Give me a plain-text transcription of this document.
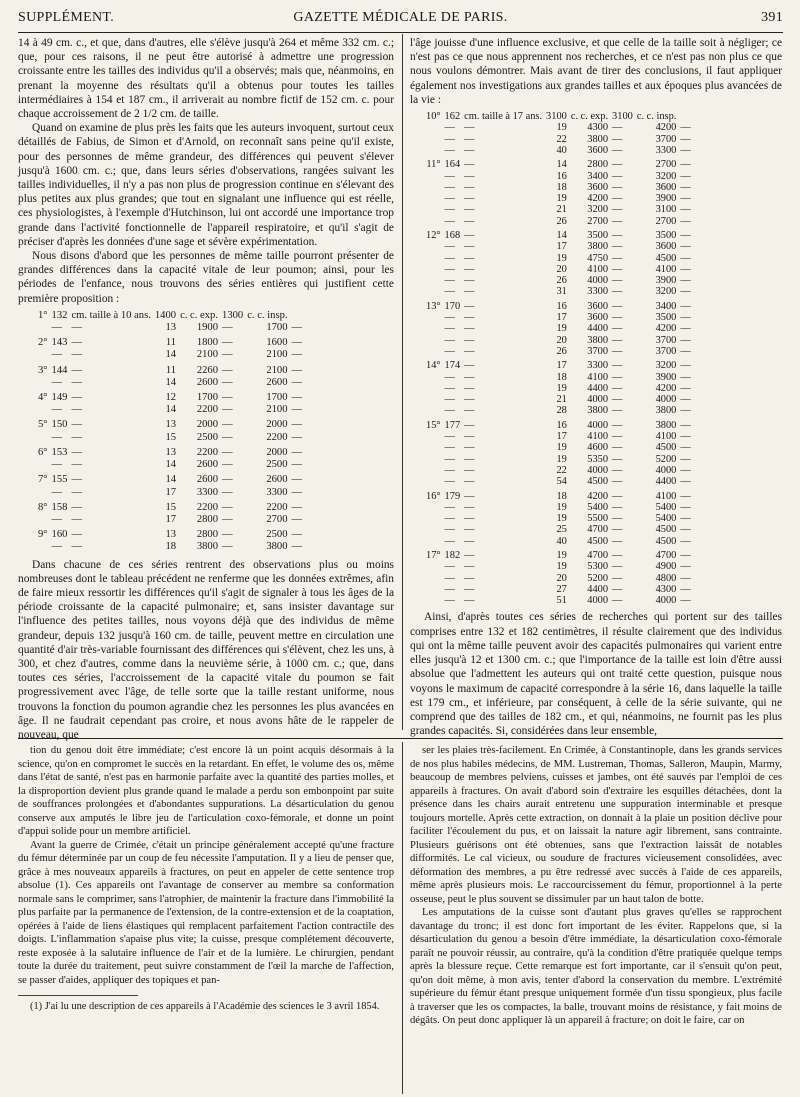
SUPPLÉMENT.	GAZETTE MÉDICALE DE PARIS.	391

14 à 49 cm. c., et que, dans d'autres, elle s'élève jusqu'à 264 et même 332 cm. c.; que, pour ces raisons, il ne peut être autorisé à admettre une progression croissante entre les tailles des individus qu'il a observés; mais que, néanmoins, en prenant la moyenne des résultats qu'il a obtenus pour toutes les tailles intermédiaires à 154 et 187 cm., il arriverait au nombre fictif de 152 cm. c. pour chaque accroissement de 2 1/2 cm. de taille.

Quand on examine de plus près les faits que les auteurs invoquent, surtout ceux détaillés de Fabius, de Simon et d'Arnold, on reconnaît sans peine qu'il existe, pour des personnes de même grandeur, des différences qui peuvent s'élever jusqu'à 1600 cm. c.; que, dans leurs séries d'observations, rangées suivant les tailles individuelles, il n'y a pas non plus de progression continue en s'élevant des plus petites aux plus grandes; que tout en signalant une influence qui est réelle, ces physiologistes, à l'exemple d'Hutchinson, lui ont accordé une importance trop grande dans l'activité fonctionnelle de l'appareil respiratoire, et qu'il s'agit de préciser d'après les données d'une sage et sévère expérimentation.

Nous disons d'abord que les personnes de même taille pourront présenter de grandes différences dans la capacité vitale de leur poumon; ainsi, pour les périodes de l'enfance, nous trouvons des séries entières qui justifient cette première proposition :

1°	132	cm. taille à 10 ans.	1400	c. c. exp.	1300	c. c. insp.	
	—	—	13	1900	—	1700	—
2°	143	—	11	1800	—	1600	—
	—	—	14	2100	—	2100	—
3°	144	—	11	2260	—	2100	—
	—	—	14	2600	—	2600	—
4°	149	—	12	1700	—	1700	—
	—	—	14	2200	—	2100	—
5°	150	—	13	2000	—	2000	—
	—	—	15	2500	—	2200	—
6°	153	—	13	2200	—	2000	—
	—	—	14	2600	—	2500	—
7°	155	—	14	2600	—	2600	—
	—	—	17	3300	—	3300	—
8°	158	—	15	2200	—	2200	—
	—	—	17	2800	—	2700	—
9°	160	—	13	2800	—	2500	—
	—	—	18	3800	—	3800	—

Dans chacune de ces séries rentrent des observations plus ou moins nombreuses dont le tableau précédent ne renferme que les données extrêmes, afin de faire mieux ressortir les différences qu'il s'agit de signaler à tous les âges de la période croissante de la capacité pulmonaire; et, sans insister davantage sur l'influence des petites tailles, nous voyons déjà que des individus de même grandeur, depuis 132 jusqu'à 160 cm. de taille, peuvent mettre en circulation une quantité d'air très-variable fournissant des différences qui s'élèvent, chez les uns, à 300, et chez d'autres, comme dans la neuvième série, à 1000 cm. c.; que, dans toutes ces séries, l'accroissement de la capacité vitale du poumon se fait progressivement avec l'âge, de telle sorte que la taille restant uniforme, nous trouvons la fonction du poumon agrandie chez les personnes les plus avancées en âge. Il ne faudrait cependant pas croire, et nous avons hâte de le rappeler de nouveau, que

l'âge jouisse d'une influence exclusive, et que celle de la taille soit à négliger; ce n'est pas ce que nous apprennent nos recherches, et ce n'est pas non plus ce que nous voulons démontrer. Mais avant de tirer des conclusions, il faut appliquer également nos investigations aux grandes tailles et aux époques plus avancées de la vie :

10°	162	cm. taille à 17 ans.	3100	c. c. exp.	3100	c. c. insp.	
	—	—	19	4300	—	4200	—
	—	—	22	3800	—	3700	—
	—	—	40	3600	—	3300	—
11°	164	—	14	2800	—	2700	—
	—	—	16	3400	—	3200	—
	—	—	18	3600	—	3600	—
	—	—	19	4200	—	3900	—
	—	—	21	3200	—	3100	—
	—	—	26	2700	—	2700	—
12°	168	—	14	3500	—	3500	—
	—	—	17	3800	—	3600	—
	—	—	19	4750	—	4500	—
	—	—	20	4100	—	4100	—
	—	—	26	4000	—	3900	—
	—	—	31	3300	—	3200	—
13°	170	—	16	3600	—	3400	—
	—	—	17	3600	—	3500	—
	—	—	19	4400	—	4200	—
	—	—	20	3800	—	3700	—
	—	—	26	3700	—	3700	—
14°	174	—	17	3300	—	3200	—
	—	—	18	4100	—	3900	—
	—	—	19	4400	—	4200	—
	—	—	21	4000	—	4000	—
	—	—	28	3800	—	3800	—
15°	177	—	16	4000	—	3800	—
	—	—	17	4100	—	4100	—
	—	—	19	4600	—	4500	—
	—	—	19	5350	—	5200	—
	—	—	22	4000	—	4000	—
	—	—	54	4500	—	4400	—
16°	179	—	18	4200	—	4100	—
	—	—	19	5400	—	5400	—
	—	—	19	5500	—	5400	—
	—	—	25	4700	—	4500	—
	—	—	40	4500	—	4500	—
17°	182	—	19	4700	—	4700	—
	—	—	19	5300	—	4900	—
	—	—	20	5200	—	4800	—
	—	—	27	4400	—	4300	—
	—	—	51	4000	—	4000	—

Ainsi, d'après toutes ces séries de recherches qui portent sur des tailles comprises entre 132 et 182 centimètres, il résulte clairement que des individus qui ont la même taille peuvent avoir des capacités pulmonaires qui varient entre elles jusqu'à 12 et 1300 cm. c.; que l'importance de la taille est loin d'être aussi absolue que l'admettent les auteurs qui ont traité cette question, puisque nous voyons le maximum de capacité correspondre à la série 16, dans laquelle la taille est 179 cm., et inférieure, par conséquent, à celle de la série suivante, qui ne comprend que des tailles de 182 cm., et qui, néanmoins, ne fournit pas les plus grandes capacités. Si, considérées dans leur ensemble,

tion du genou doit être immédiate; c'est encore là un point acquis désormais à la science, qu'on en compromet le succès en la retardant. En effet, le volume des os, même dans l'état de santé, n'est pas en harmonie parfaite avec la quantité des parties molles, et la disproportion devient plus grande quand le malade a perdu son embonpoint par suite de souffrances prolongées et d'abondantes suppurations. La désarticulation du genou conserve aux amputés le libre jeu de l'articulation coxo-fémorale, et donne un point d'appui solide pour un membre artificiel.

Avant la guerre de Crimée, c'était un principe généralement accepté qu'une fracture du fémur déterminée par un coup de feu nécessite l'amputation. Il y a lieu de penser que, grâce à mes nouveaux appareils à fractures, on peut en appeler de cette sentence trop absolue (1). Ces appareils ont l'avantage de conserver au membre sa conformation normale sans le comprimer, sans l'atrophier, de maintenir la fracture dans l'immobilité la plus parfaite par la permanence de l'extension, de la contre-extension et de la coaptation, opérées à l'aide de liens élastiques qui remplacent parfaitement l'action contractile des doigts. L'inflammation s'apaise plus vite; la cuisse, presque complétement découverte, reste exposée à la salutaire influence de l'air et de la lumière. Le chirurgien, pendant toute la durée du traitement, peut suivre constamment de l'œil la marche de l'affection, se passer d'aides, appliquer des topiques et pan-

(1) J'ai lu une description de ces appareils à l'Académie des sciences le 3 avril 1854.

ser les plaies très-facilement. En Crimée, à Constantinople, dans les grands services de nos plus habiles médecins, de MM. Lustreman, Thomas, Salleron, Maupin, Marmy, beaucoup de membres pelviens, cuisses et jambes, ont été sauvés par l'emploi de ces appareils à fractures. On avait d'abord soin d'extraire les esquilles détachées, dont la présence dans les chairs aurait entretenu une suppuration interminable et presque toujours mortelle. Après cette extraction, on donnait à la plaie un position déclive pour faciliter l'écoulement du pus, et on laissait la nature agir librement, sans contrainte. Plusieurs guérisons ont été obtenues, sans que l'extraction laissât de notables difformités. Le cal vicieux, ou soudure de fractures vicieusement consolidées, avec déformation des membres, a pu être redressé avec succès à l'aide de ces appareils, même après plusieurs mois. Le raccourcissement du fémur, proportionnel à la perte osseuse, peut le plus souvent se dissimuler par un haut talon de botte.

Les amputations de la cuisse sont d'autant plus graves qu'elles se rapprochent davantage du tronc; il est donc fort important de les éviter. Rappelons que, si la désarticulation du genou a besoin d'être immédiate, la désarticulation coxo-fémorale paraît ne pouvoir réussir, au contraire, qu'à la condition d'être pratiquée quelque temps après la blessure reçue. Cette remarque est fort importante, car il s'ensuit qu'on peut, qu'on doit même, à mon avis, tenter d'abord la conservation du membre. L'extrémité supérieure du fémur étant presque uniquement formée d'un tissu spongieux, plus facile à traverser que les os compactes, la balle, trouvant moins de résistance, y fait moins de dégâts. On peut donc appliquer là un appareil à fracture; on doit le faire, car on
